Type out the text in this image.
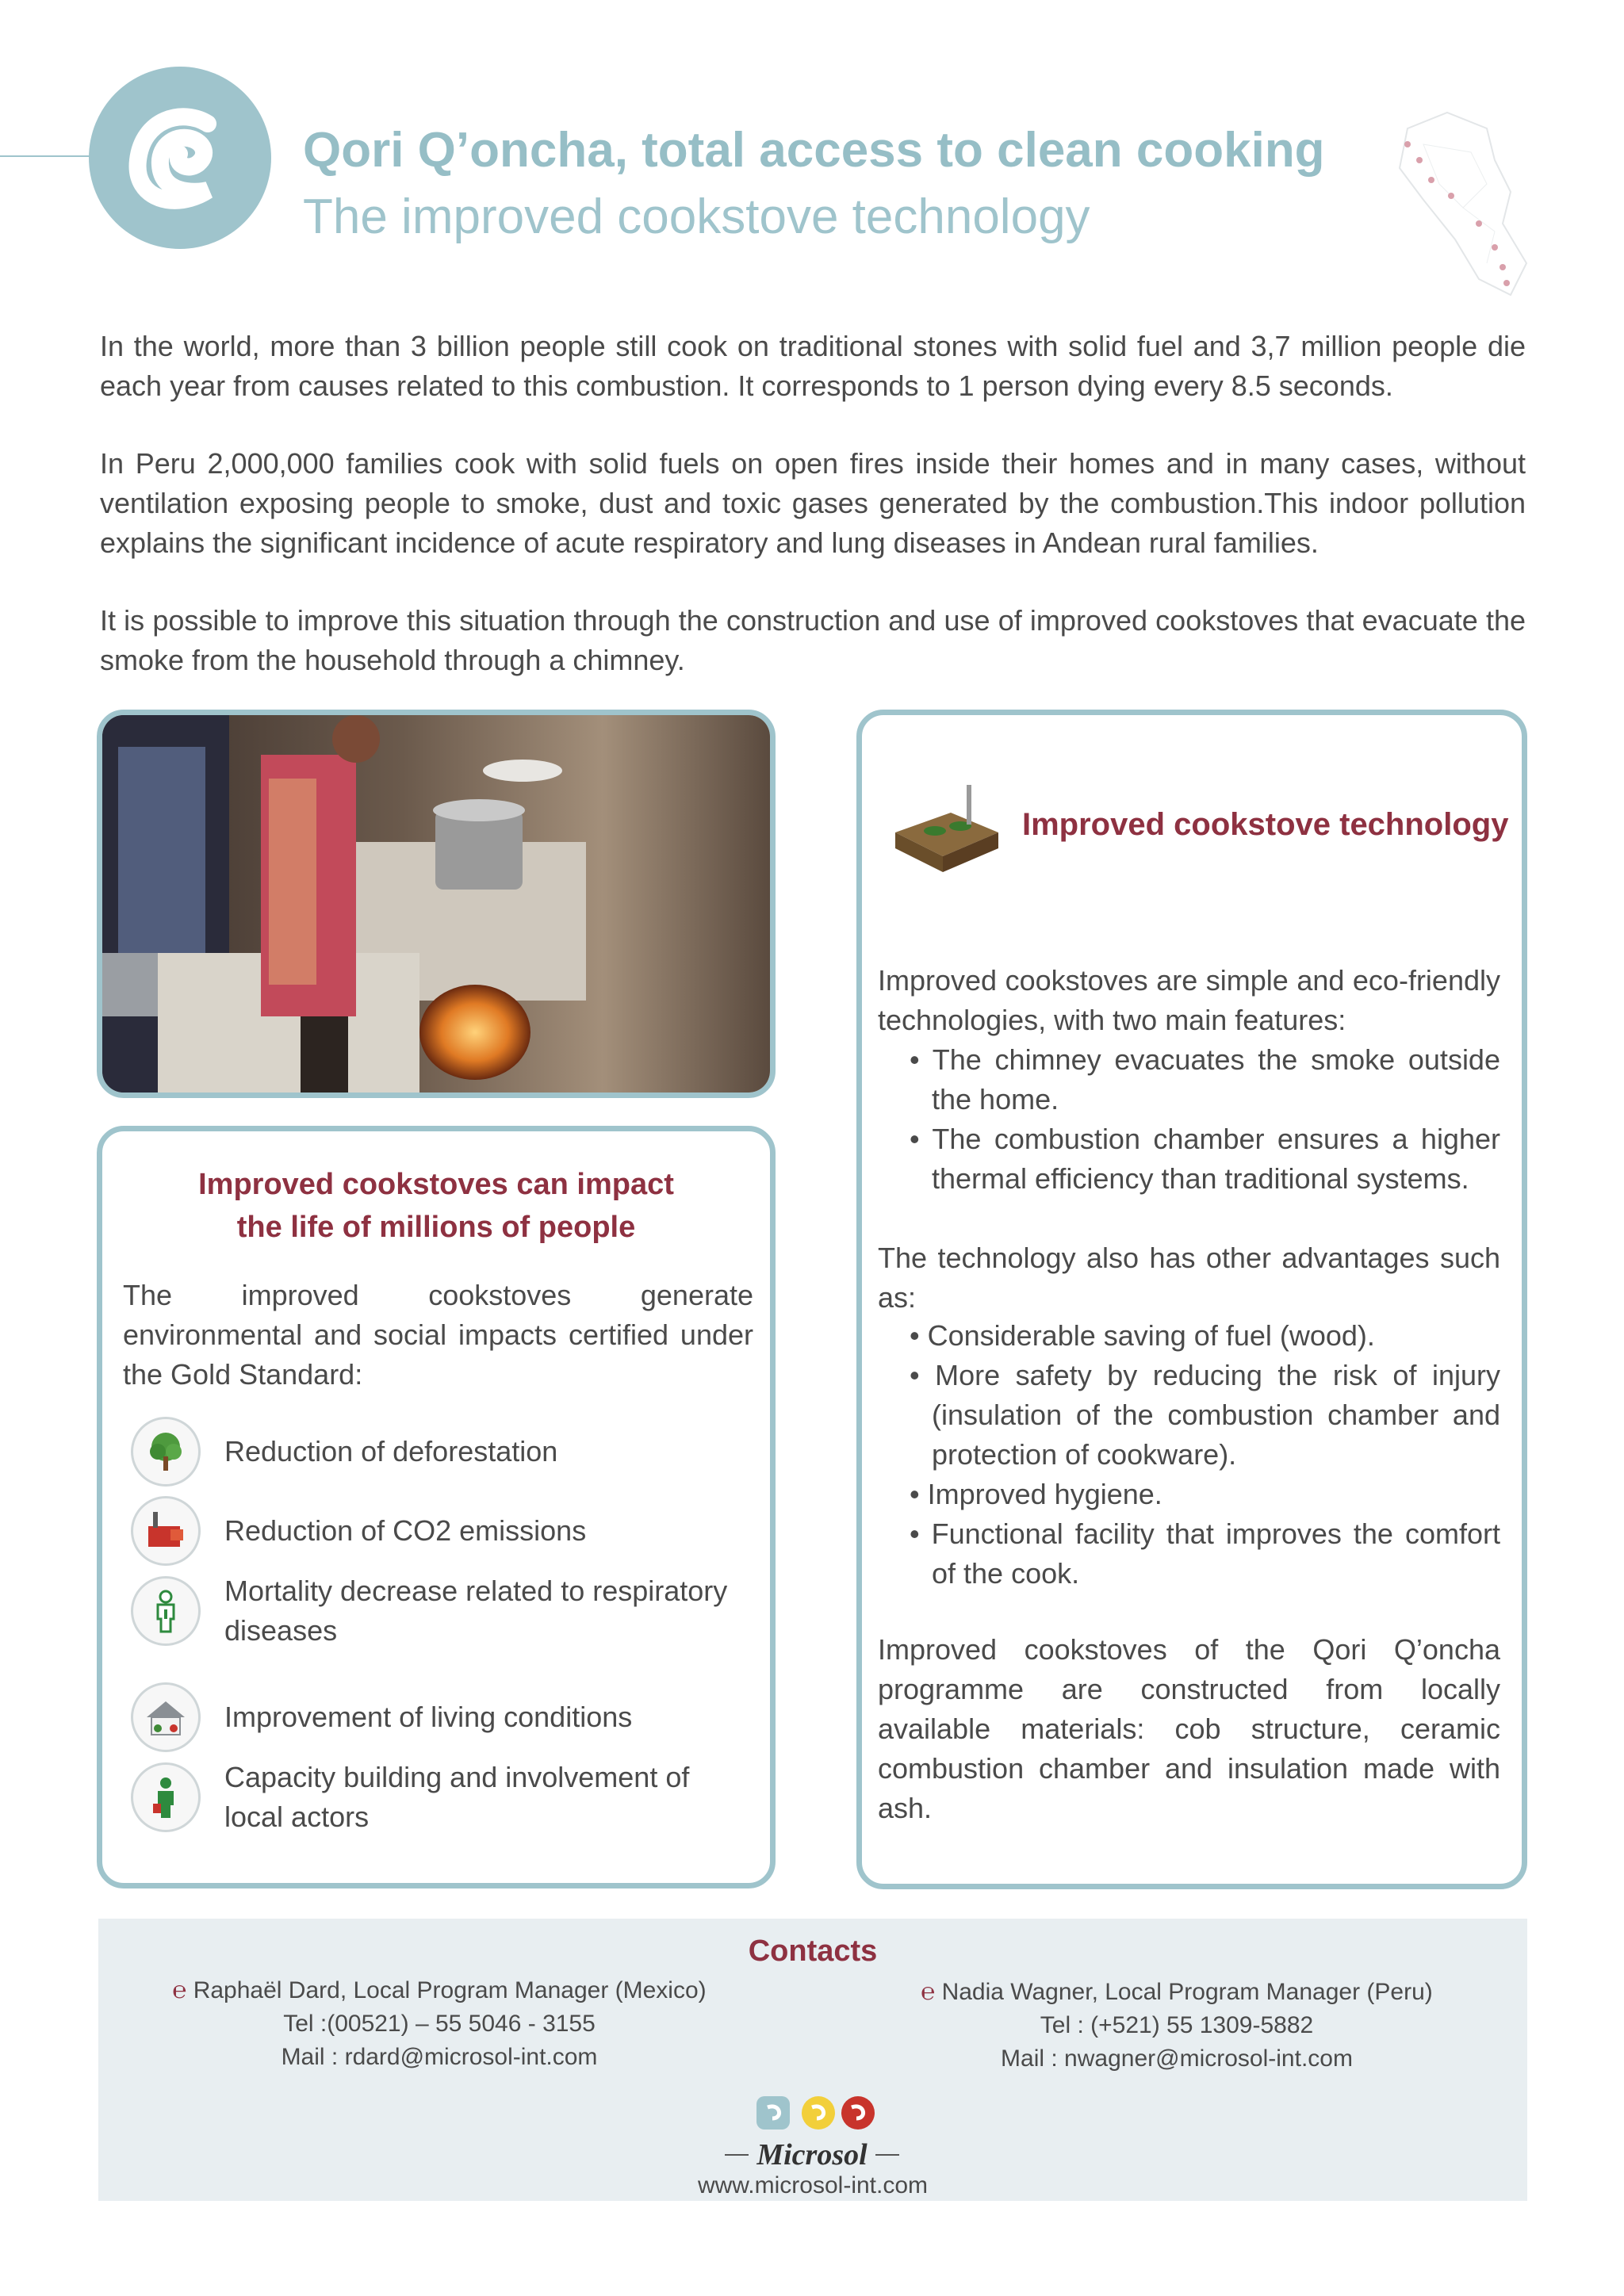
Qori Q’oncha, total access to clean cooking
The improved cookstove technology

In the world, more than 3 billion people still cook on traditional stones with solid fuel and 3,7 million people die each year from causes related to this combustion. It corresponds to 1 person dying every 8.5 seconds.

In Peru 2,000,000 families cook with solid fuels on open fires inside their homes and in many cases, without ventilation exposing people to smoke, dust and toxic gases generated by the combustion.This indoor pollution explains the significant incidence of acute respiratory and lung diseases in Andean rural families.

It is possible to improve this situation through the construction and use of improved cookstoves that evacuate the smoke from the household through a chimney.

Improved cookstoves can impact
the life of millions of people

The improved cookstoves generate environmental and social impacts certified under the Gold Standard:

Reduction of deforestation
Reduction of CO2 emissions
Mortality decrease related to respiratory diseases
Improvement of living conditions
Capacity building and involvement of local actors
Improved cookstove technology

Improved cookstoves are simple and eco-friendly technologies, with two main features:

• The chimney evacuates the smoke outside the home.
• The combustion chamber ensures a higher thermal efficiency than traditional systems.

The technology also has other advantages such as:

• Considerable saving of fuel (wood).
• More safety by reducing the risk of injury (insulation of the combustion chamber and protection of cookware).
• Improved hygiene.
• Functional facility that improves the comfort of the cook.

Improved cookstoves of the Qori Q’oncha programme are constructed from locally available materials: cob structure, ceramic combustion chamber and insulation made with ash.

Contacts
℮ Raphaël Dard, Local Program Manager (Mexico)
Tel :(00521) – 55 5046 - 3155
Mail : rdard@microsol-int.com
℮ Nadia Wagner, Local Program Manager (Peru)
Tel : (+521) 55 1309-5882
Mail : nwagner@microsol-int.com
Microsol
www.microsol-int.com
